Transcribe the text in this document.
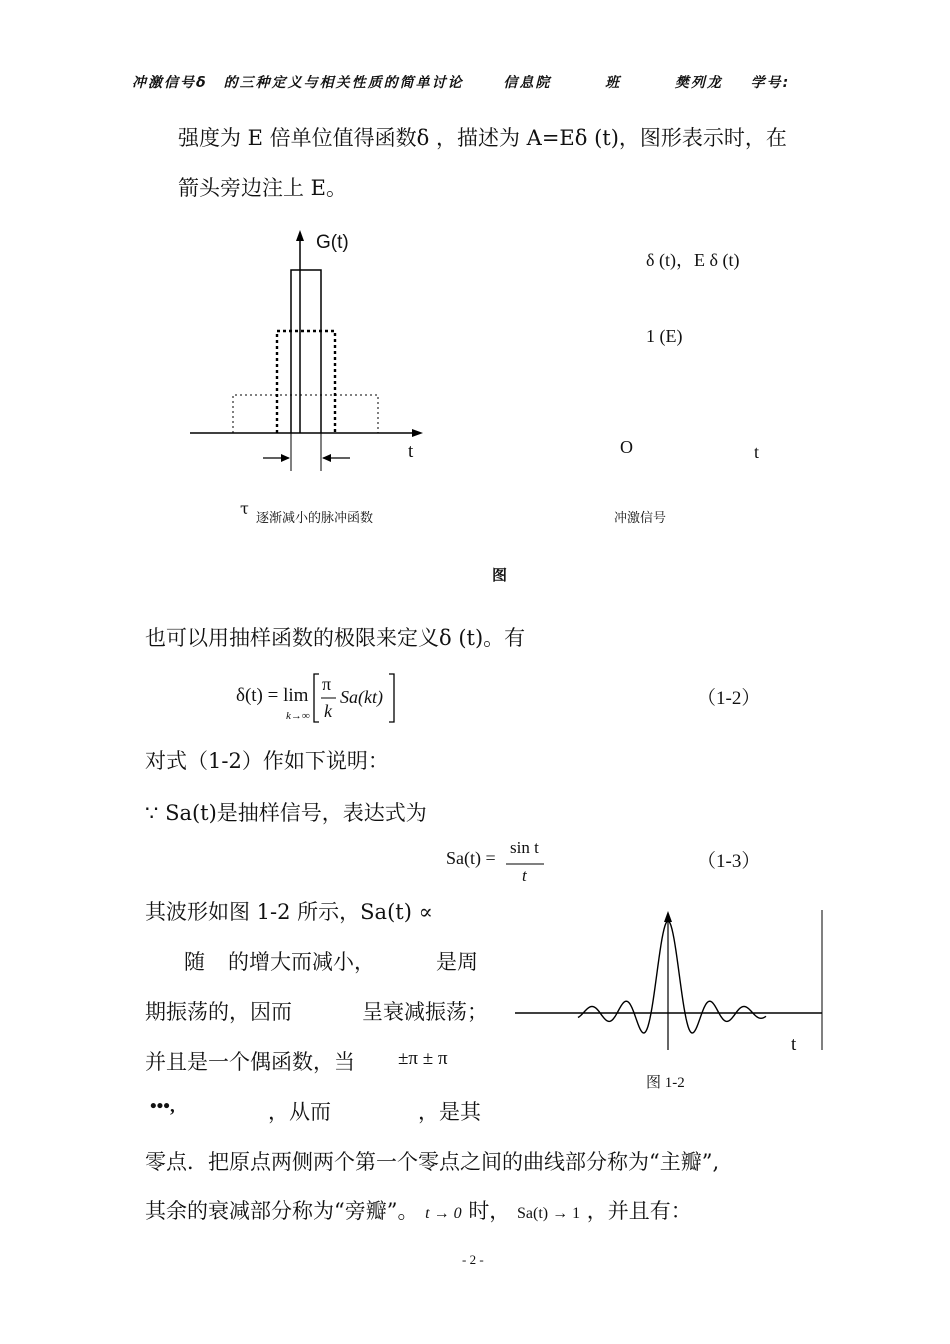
冲激信号δ　的三种定义与相关性质的简单讨论	信息院	班	樊列龙 学号:
强度为 E 倍单位值得函数δ ，描述为 A=Eδ (t)，图形表示时，在
箭头旁边注上 E。
G(t)
t
τ
逐渐减小的脉冲函数
δ (t)，E δ (t)
1 (E)
O	t
冲激信号
图
也可以用抽样函数的极限来定义δ (t)。有
δ(t) = lim
k→∞
π
k
Sa(kt)	（1-2）
对式（1-2）作如下说明：
∵ Sa(t)是抽样信号，表达式为
Sa(t) =
sin t
t
（1-3）
其波形如图 1-2 所示，Sa(t) ∝
随 的增大而减小，	是周
期振荡的，因而	呈衰减振荡；
并且是一个偶函数，当 ±π ± π
•••,	，从而	，是其
t
图 1-2
零点．把原点两侧两个第一个零点之间的曲线部分称为“主瓣”,
其余的衰减部分称为“旁瓣”。 t → 0 时， Sa(t) → 1 ，并且有：
- 2 -
